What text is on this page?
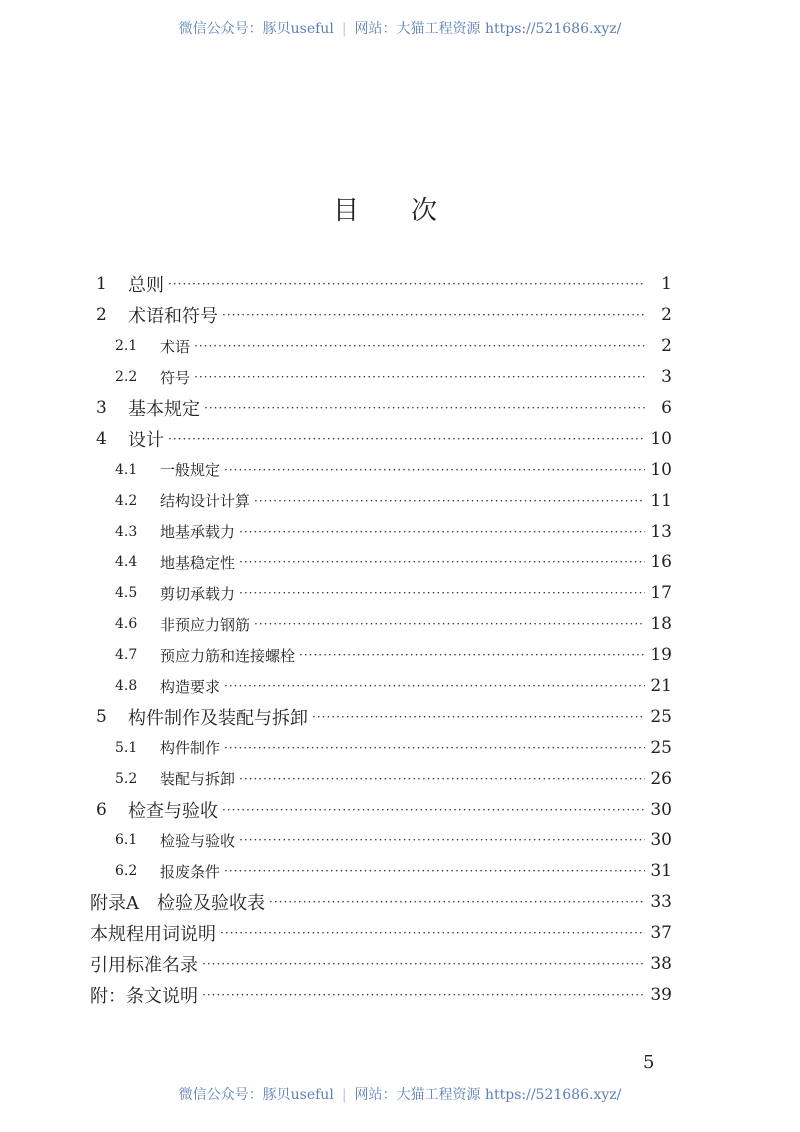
微信公众号：豚贝useful | 网站：大猫工程资源 https://521686.xyz/
目次
1 总则 ·····	1
2 术语和符号 ·····	2
2.1 术语 ·····	2
2.2 符号 ·····	3
3 基本规定 ·····	6
4 设计 ·····	10
4.1 一般规定 ·····	10
4.2 结构设计计算 ·····	11
4.3 地基承载力 ·····	13
4.4 地基稳定性 ·····	16
4.5 剪切承载力 ·····	17
4.6 非预应力钢筋 ·····	18
4.7 预应力筋和连接螺栓 ·····	19
4.8 构造要求 ·····	21
5 构件制作及装配与拆卸 ·····	25
5.1 构件制作 ·····	25
5.2 装配与拆卸 ·····	26
6 检查与验收 ·····	30
6.1 检验与验收 ·····	30
6.2 报废条件 ·····	31
附录A　检验及验收表 ·····	33
本规程用词说明 ·····	37
引用标准名录 ·····	38
附：条文说明 ·····	39
5
微信公众号：豚贝useful | 网站：大猫工程资源 https://521686.xyz/
